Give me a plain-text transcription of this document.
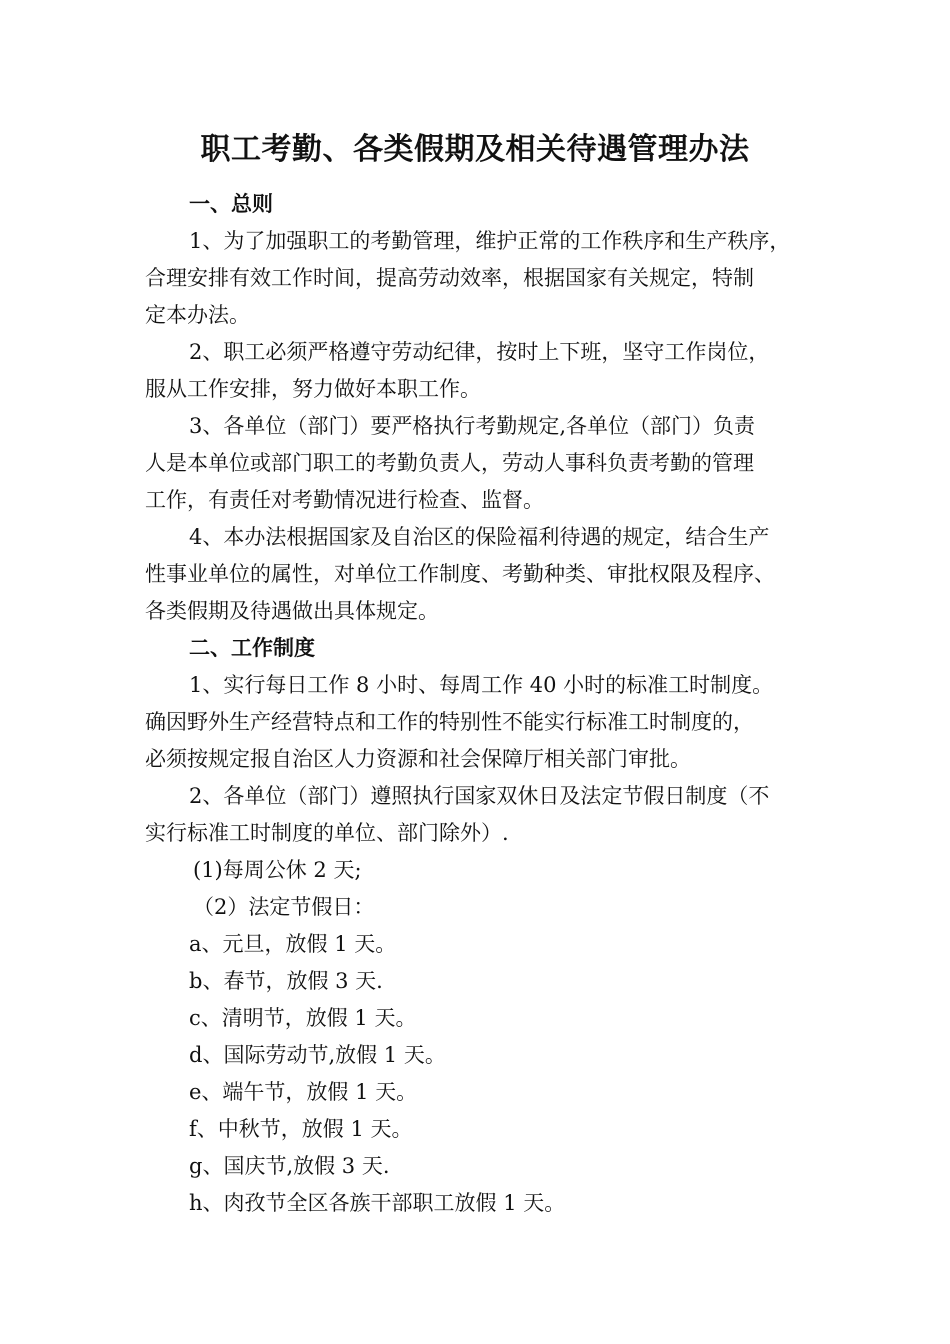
职工考勤、各类假期及相关待遇管理办法
一、总则
1、为了加强职工的考勤管理，维护正常的工作秩序和生产秩序，
合理安排有效工作时间，提高劳动效率，根据国家有关规定，特制
定本办法。
2、职工必须严格遵守劳动纪律，按时上下班，坚守工作岗位，
服从工作安排，努力做好本职工作。
3、各单位（部门）要严格执行考勤规定,各单位（部门）负责
人是本单位或部门职工的考勤负责人，劳动人事科负责考勤的管理
工作，有责任对考勤情况进行检查、监督。
4、本办法根据国家及自治区的保险福利待遇的规定，结合生产
性事业单位的属性，对单位工作制度、考勤种类、审批权限及程序、
各类假期及待遇做出具体规定。
二、工作制度
1、实行每日工作 8 小时、每周工作 40 小时的标准工时制度。
确因野外生产经营特点和工作的特别性不能实行标准工时制度的，
必须按规定报自治区人力资源和社会保障厅相关部门审批。
2、各单位（部门）遵照执行国家双休日及法定节假日制度（不
实行标准工时制度的单位、部门除外）.
(1)每周公休 2 天;
（2）法定节假日：
a、元旦，放假 1 天。
b、春节，放假 3 天.
c、清明节，放假 1 天。
d、国际劳动节,放假 1 天。
e、端午节，放假 1 天。
f、中秋节，放假 1 天。
g、国庆节,放假 3 天.
h、肉孜节全区各族干部职工放假 1 天。
